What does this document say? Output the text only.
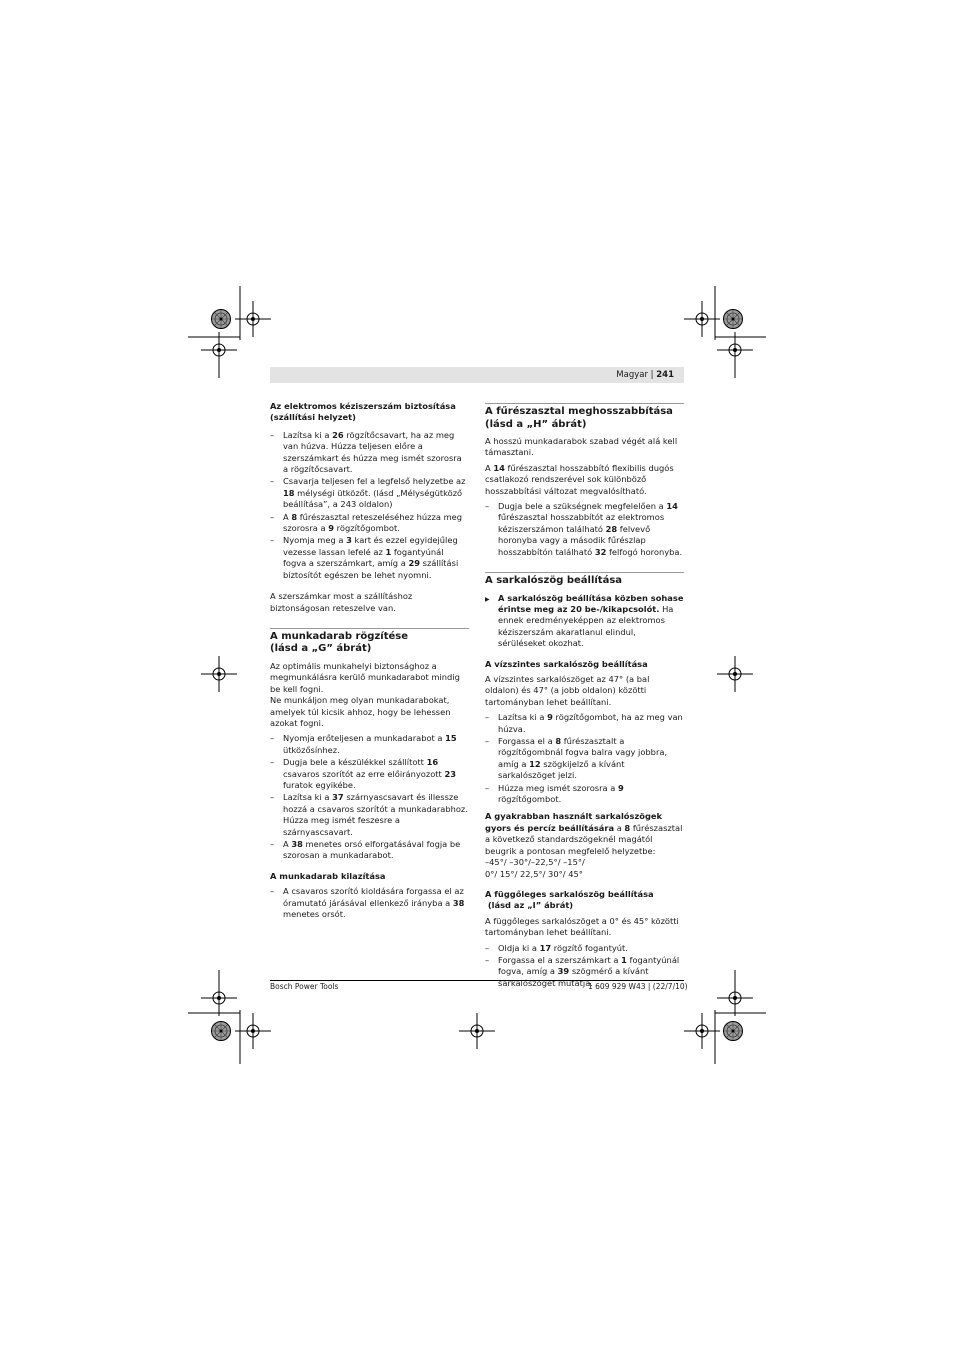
Magyar | 241
Az elektromos kéziszerszám biztosítása
(szállítási helyzet)
– Lazítsa ki a 26 rögzítőcsavart, ha az meg van húzva. Húzza teljesen előre a szerszámkart és húzza meg ismét szorosra a rögzítőcsavart.
– Csavarja teljesen fel a legfelső helyzetbe az 18 mélységi ütközőt. (lásd „Mélységütköző beállítása”, a 243 oldalon)
– A 8 fűrészasztal reteszeléséhez húzza meg szorosra a 9 rögzítőgombot.
– Nyomja meg a 3 kart és ezzel egyidejűleg vezesse lassan lefelé az 1 fogantyúnál fogva a szerszámkart, amíg a 29 szállítási biztosítót egészen be lehet nyomni.

A szerszámkar most a szállításhoz biztonságosan reteszelve van.

A munkadarab rögzítése
(lásd a „G” ábrát)

Az optimális munkahelyi biztonsághoz a megmunkálásra kerülő munkadarabot mindig be kell fogni.

Ne munkáljon meg olyan munkadarabokat, amelyek túl kicsik ahhoz, hogy be lehessen azokat fogni.

– Nyomja erőteljesen a munkadarabot a 15 ütközősínhez.
– Dugja bele a készülékkel szállított 16 csavaros szorítót az erre előirányozott 23 furatok egyikébe.
– Lazítsa ki a 37 szárnyascsavart és illessze hozzá a csavaros szorítót a munkadarabhoz. Húzza meg ismét feszesre a szárnyascsavart.
– A 38 menetes orsó elforgatásával fogja be szorosan a munkadarabot.
A munkadarab kilazítása
– A csavaros szorító kioldására forgassa el az óramutató járásával ellenkező irányba a 38 menetes orsót.
A fűrészasztal meghosszabbítása
(lásd a „H” ábrát)

A hosszú munkadarabok szabad végét alá kell támasztani.

A 14 fűrészasztal hosszabbító flexibilis dugós csatlakozó rendszerével sok különböző hosszabbítási változat megvalósítható.

– Dugja bele a szükségnek megfelelően a 14 fűrészasztal hosszabbítót az elektromos kéziszerszámon található 28 felvevő horonyba vagy a második fűrészlap hosszabbítón található 32 felfogó horonyba.
A sarkalószög beállítása
▶ A sarkalószög beállítása közben sohase érintse meg az 20 be-/kikapcsolót. Ha ennek eredményeképpen az elektromos kéziszerszám akaratlanul elindul, sérüléseket okozhat.
A vízszintes sarkalószög beállítása

A vízszintes sarkalószöget az 47° (a bal oldalon) és 47° (a jobb oldalon) közötti tartományban lehet beállítani.

– Lazítsa ki a 9 rögzítőgombot, ha az meg van húzva.
– Forgassa el a 8 fűrészasztalt a rögzítőgombnál fogva balra vagy jobbra, amíg a 12 szögkijelző a kívánt sarkalószöget jelzi.
– Húzza meg ismét szorosra a 9 rögzítőgombot.

A gyakrabban használt sarkalószögek gyors és percíz beállítására a 8 fűrészasztal a következő standardszögeknél magától beugrik a pontosan megfelelő helyzetbe:

–45°/ –30°/–22,5°/ –15°/

0°/ 15°/ 22,5°/ 30°/ 45°

A függőleges sarkalószög beállítása
(lásd az „I” ábrát)

A függőleges sarkalószöget a 0° és 45° közötti tartományban lehet beállítani.

– Oldja ki a 17 rögzítő fogantyút.
– Forgassa el a szerszámkart a 1 fogantyúnál fogva, amíg a 39 szögmérő a kívánt sarkalószöget mutatja.
Bosch Power Tools	1 609 929 W43 | (22/7/10)
